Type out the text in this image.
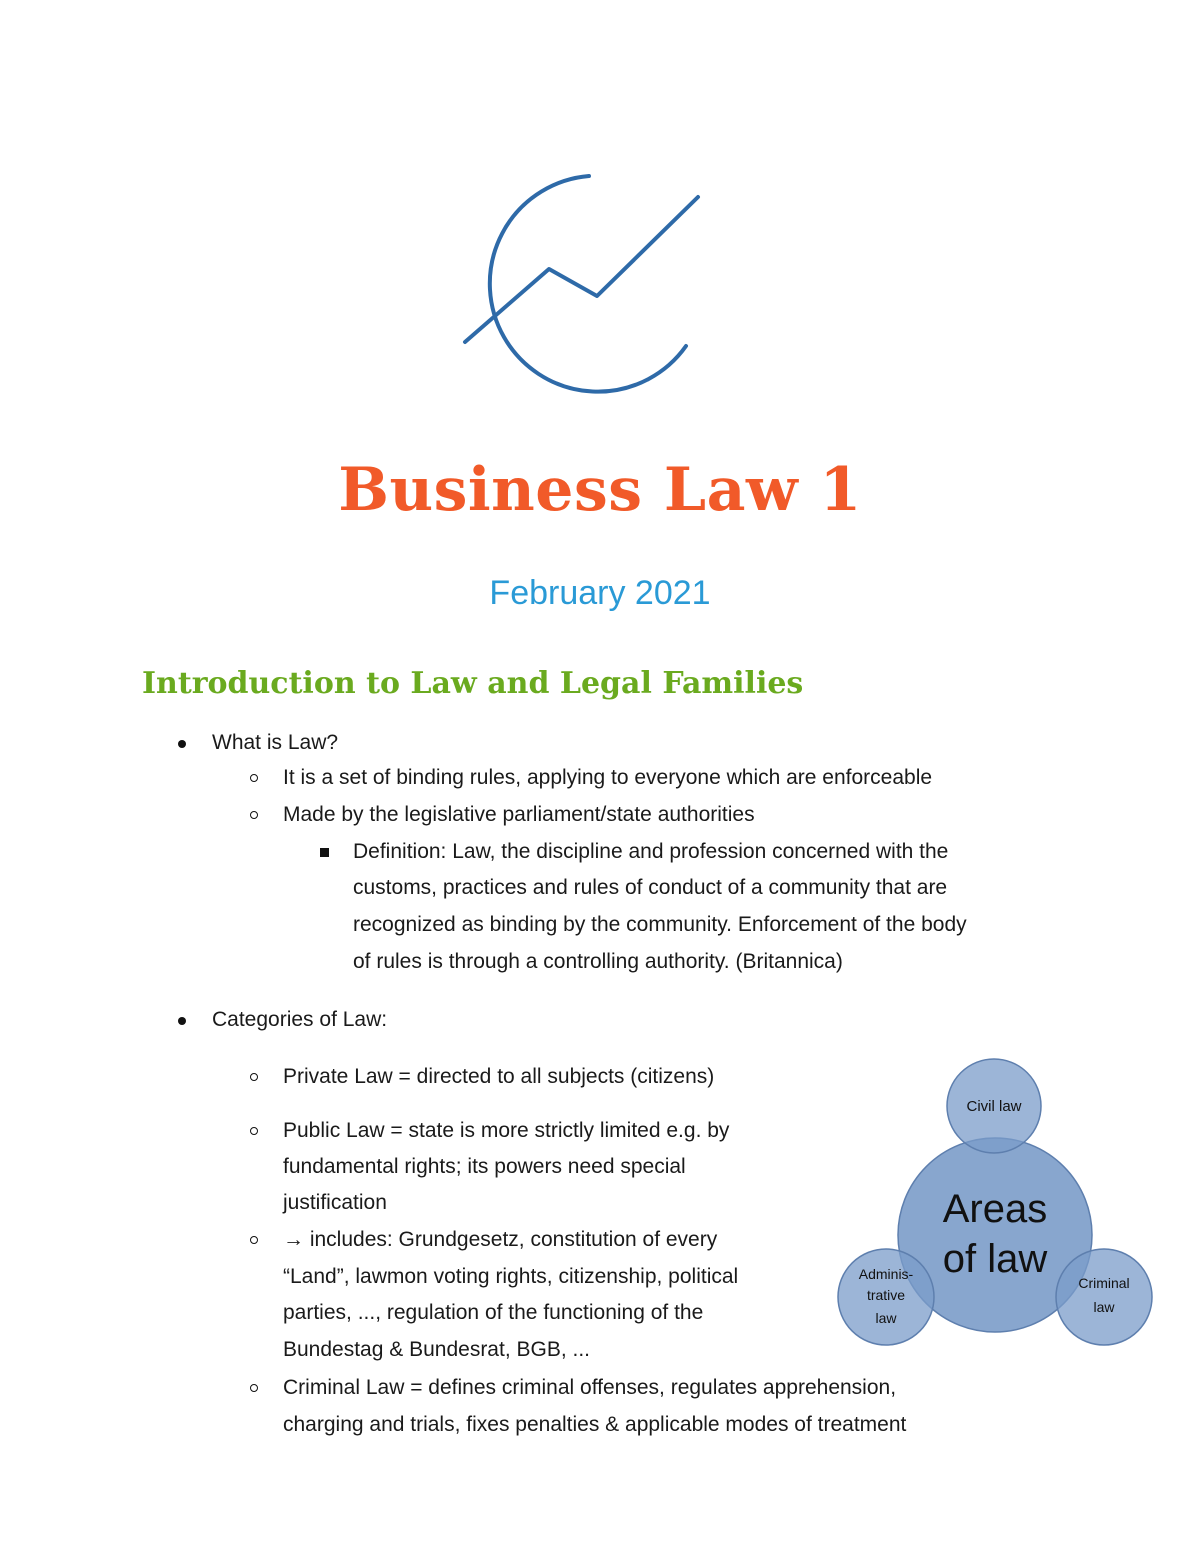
Business Law 1
February 2021
Introduction to Law and Legal Families
What is Law?
It is a set of binding rules, applying to everyone which are enforceable
Made by the legislative parliament/state authorities
Definition: Law, the discipline and profession concerned with the
customs, practices and rules of conduct of a community that are
recognized as binding by the community. Enforcement of the body
of rules is through a controlling authority. (Britannica)
Categories of Law:
Private Law = directed to all subjects (citizens)
Public Law = state is more strictly limited e.g. by
fundamental rights; its powers need special
justification
→ includes: Grundgesetz, constitution of every
“Land”, lawmon voting rights, citizenship, political
parties, ..., regulation of the functioning of the
Bundestag & Bundesrat, BGB, ...
Criminal Law = defines criminal offenses, regulates apprehension,
charging and trials, fixes penalties & applicable modes of treatment
Areas
of law
Civil law
Adminis-
trative
law
Criminal
law
